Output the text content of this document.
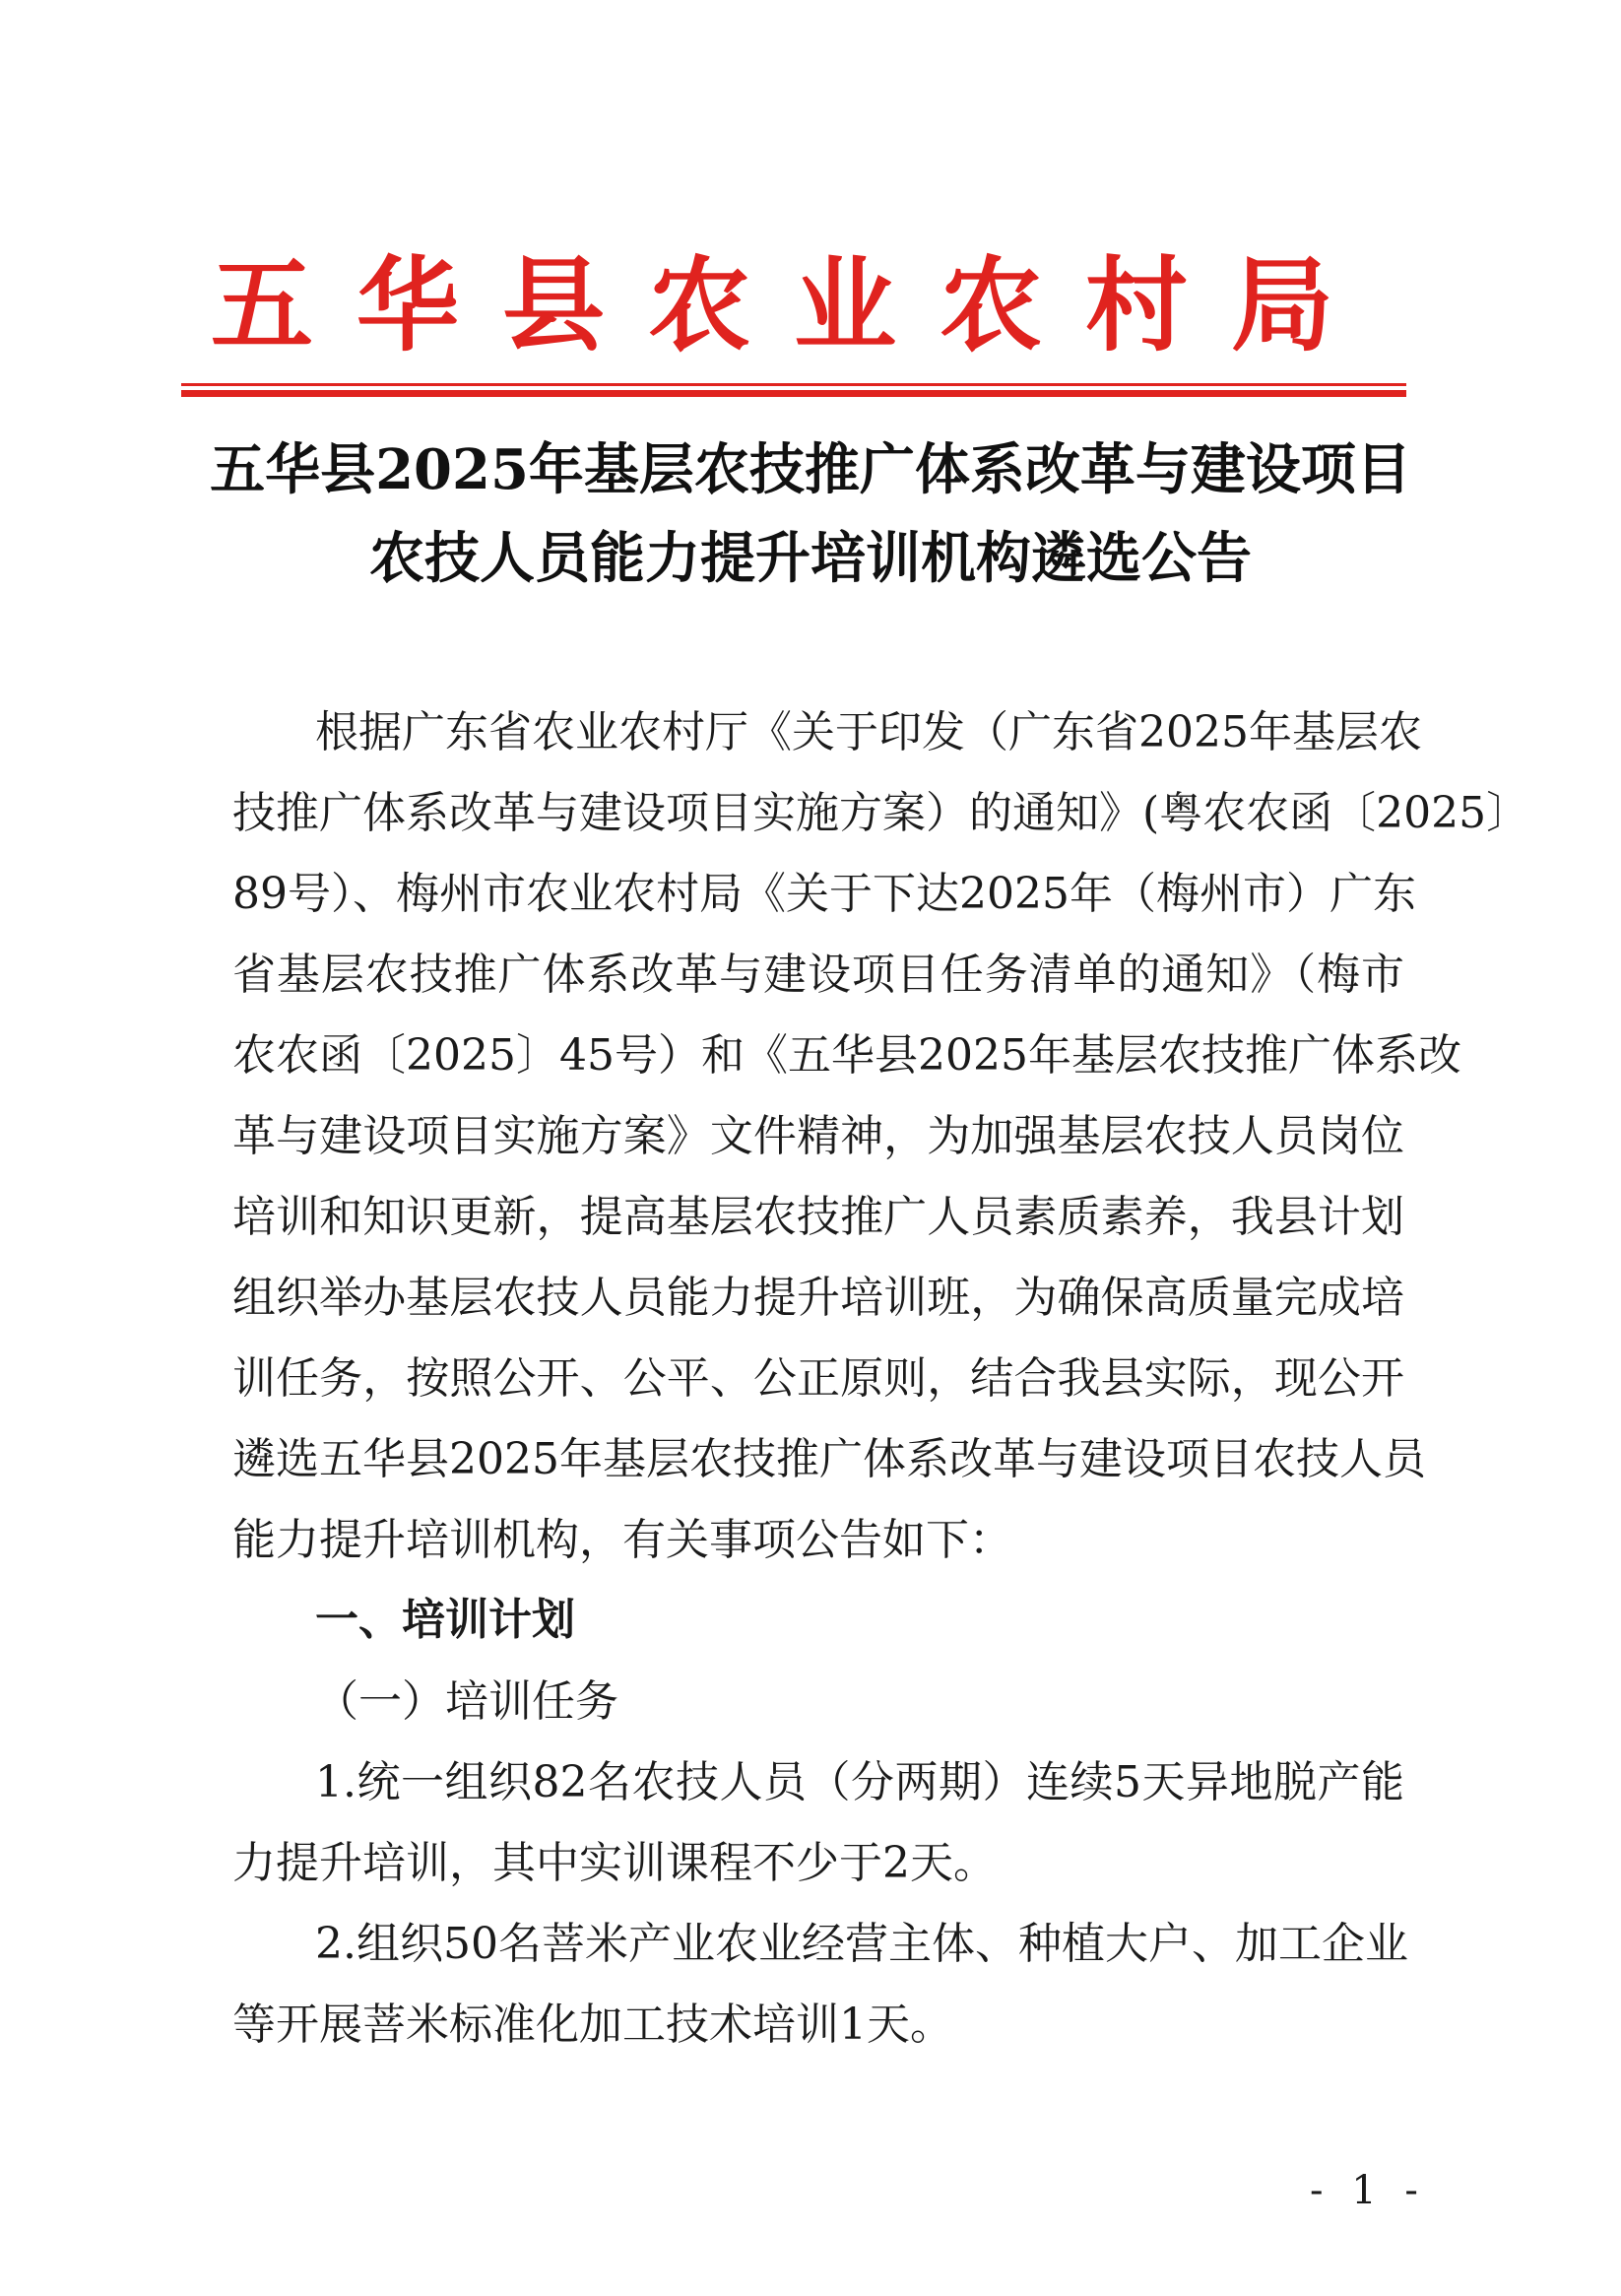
五华县农业农村局
五华县2025年基层农技推广体系改革与建设项目
农技人员能力提升培训机构遴选公告
根据广东省农业农村厅《关于印发（广东省2025年基层农
技推广体系改革与建设项目实施方案）的通知》(粤农农函〔2025〕
89号）、梅州市农业农村局《关于下达2025年（梅州市）广东
省基层农技推广体系改革与建设项目任务清单的通知》（梅市
农农函〔2025〕45号）和《五华县2025年基层农技推广体系改
革与建设项目实施方案》文件精神，为加强基层农技人员岗位
培训和知识更新，提高基层农技推广人员素质素养，我县计划
组织举办基层农技人员能力提升培训班，为确保高质量完成培
训任务，按照公开、公平、公正原则，结合我县实际，现公开
遴选五华县2025年基层农技推广体系改革与建设项目农技人员
能力提升培训机构，有关事项公告如下：
一、培训计划
（一）培训任务
1.统一组织82名农技人员（分两期）连续5天异地脱产能
力提升培训，其中实训课程不少于2天。
2.组织50名菩米产业农业经营主体、种植大户、加工企业
等开展菩米标准化加工技术培训1天。
- 1 -
